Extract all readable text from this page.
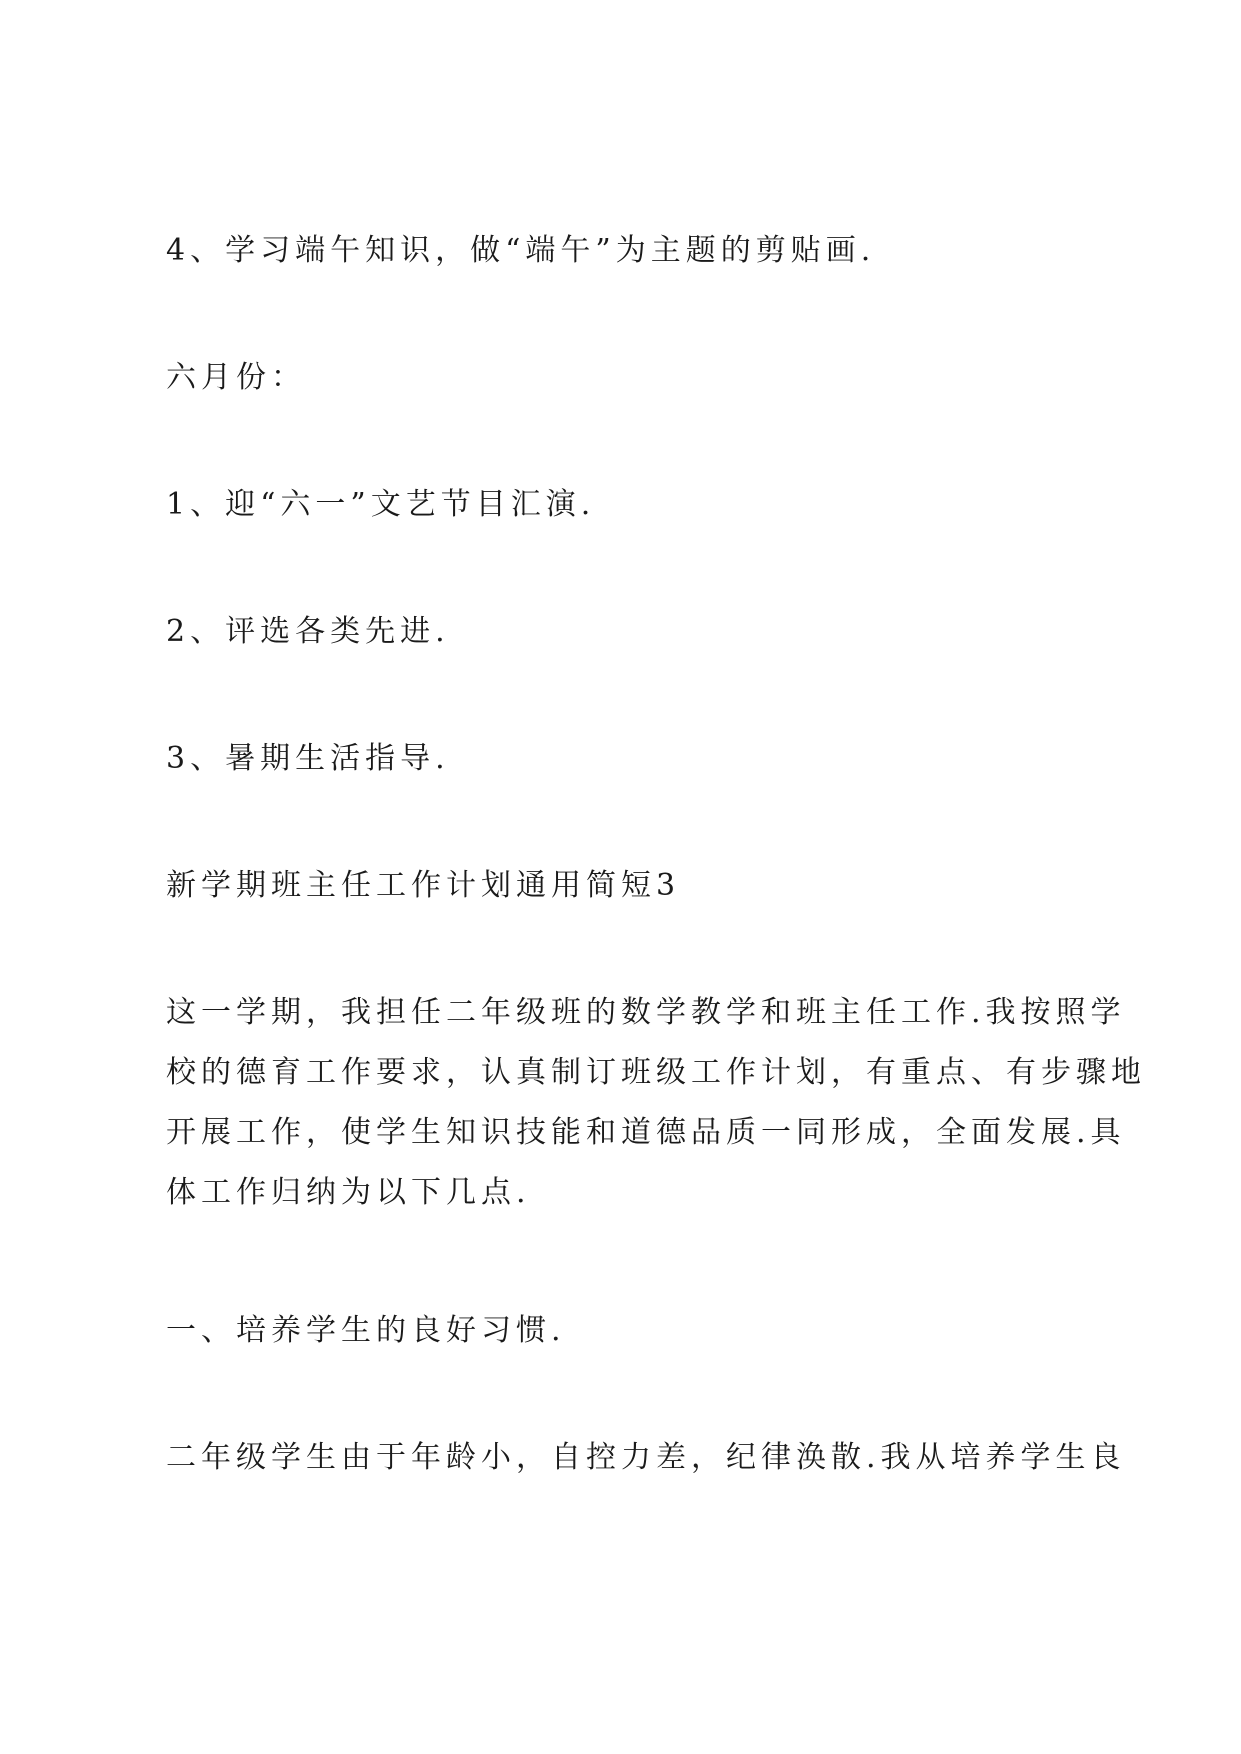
4、学习端午知识，做“端午”为主题的剪贴画.

六月份：

1、迎“六一”文艺节目汇演.

2、评选各类先进.

3、暑期生活指导.

新学期班主任工作计划通用简短3

这一学期，我担任二年级班的数学教学和班主任工作.我按照学
校的德育工作要求，认真制订班级工作计划，有重点、有步骤地
开展工作，使学生知识技能和道德品质一同形成，全面发展.具
体工作归纳为以下几点.

一、培养学生的良好习惯.

二年级学生由于年龄小，自控力差，纪律涣散.我从培养学生良
